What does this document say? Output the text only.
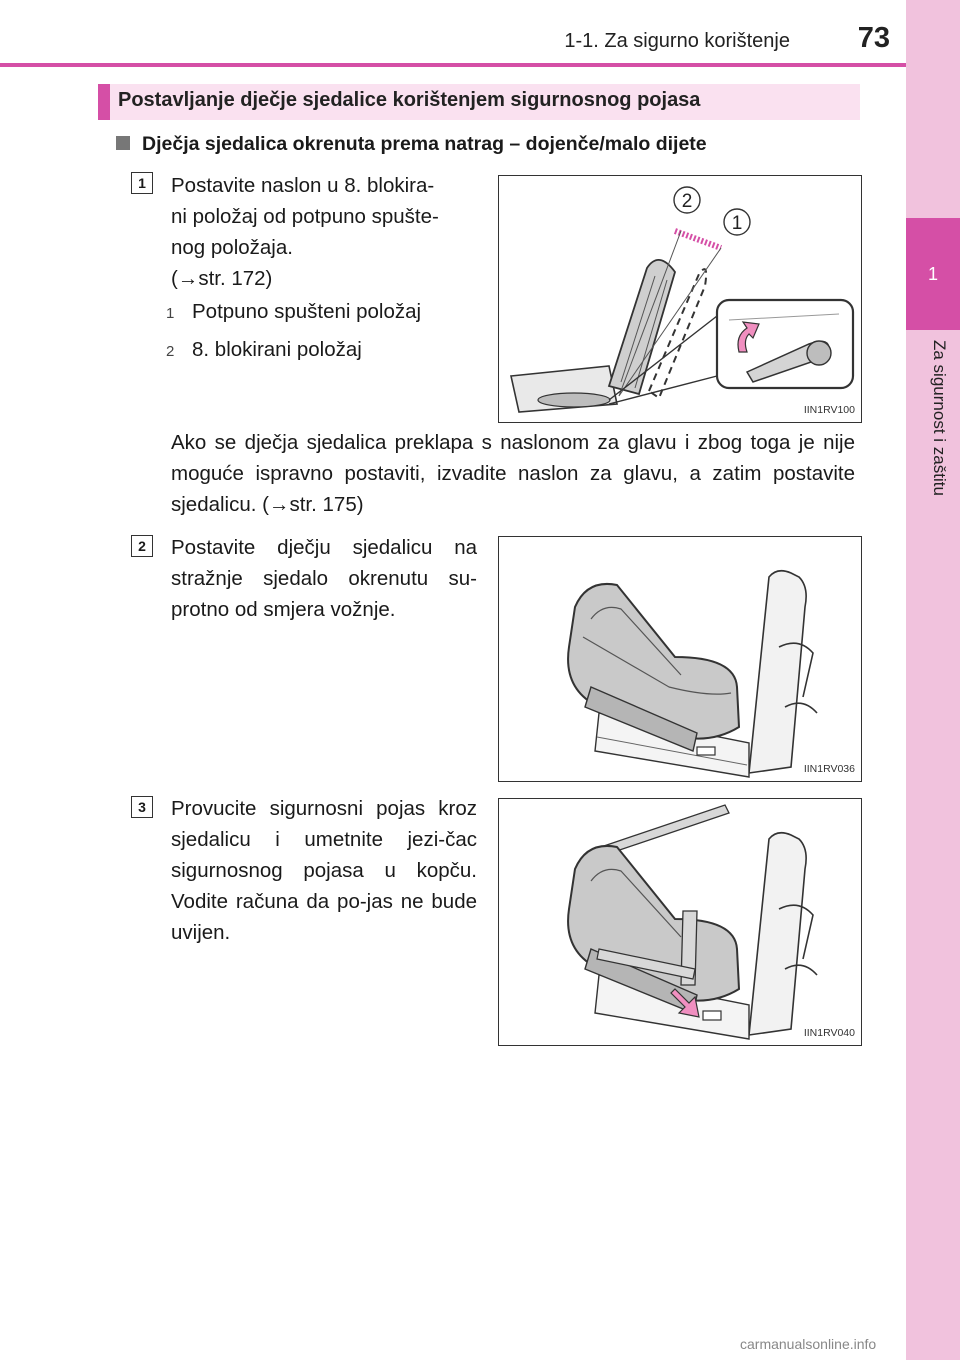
1-1. Za sigurno korištenje 73
1
Za sigurnost i zaštitu
Postavljanje dječje sjedalice korištenjem sigurnosnog pojasa
Dječja sjedalica okrenuta prema natrag – dojenče/malo dijete
1	Postavite naslon u 8. blokira-
ni položaj od potpuno spušte-
nog položaja.
(→str. 172)
1 Potpuno spušteni položaj
2 8. blokirani položaj
2
1
IIN1RV100
Ako se dječja sjedalica preklapa s naslonom za glavu i zbog toga je nije moguće ispravno postaviti, izvadite naslon za glavu, a zatim postavite sjedalicu. (→str. 175)
2	Postavite dječju sjedalicu na stražnje sjedalo okrenutu su-protno od smjera vožnje.
IIN1RV036
3	Provucite sigurnosni pojas kroz sjedalicu i umetnite jezi-čac sigurnosnog pojasa u kopču. Vodite računa da po-jas ne bude uvijen.
IIN1RV040
carmanualsonline.info
